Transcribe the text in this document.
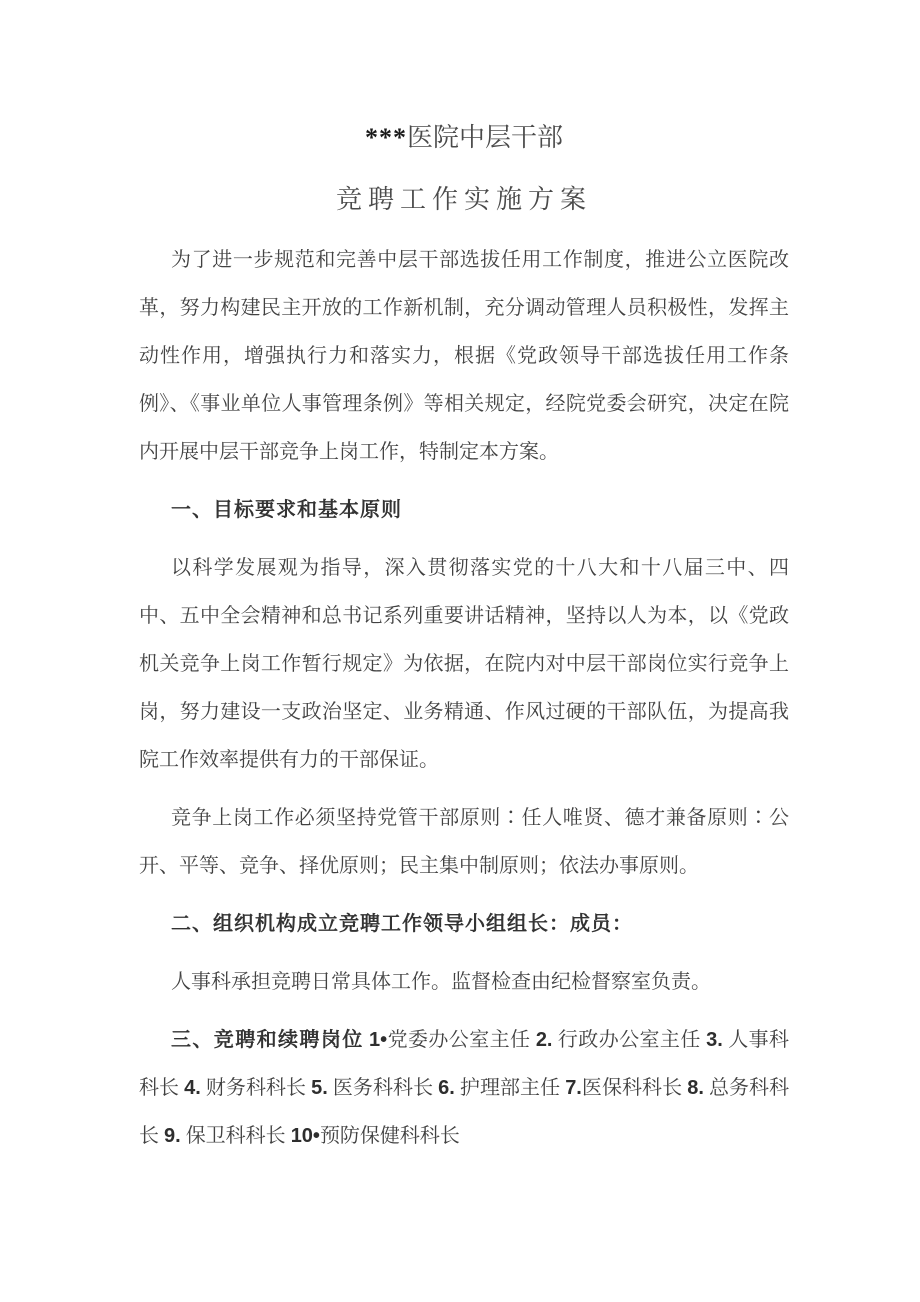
***医院中层干部
竞聘工作实施方案

为了进一步规范和完善中层干部选拔任用工作制度，推进公立医院改革，努力构建民主开放的工作新机制，充分调动管理人员积极性，发挥主动性作用，增强执行力和落实力，根据《党政领导干部选拔任用工作条例》、《事业单位人事管理条例》等相关规定，经院党委会研究，决定在院内开展中层干部竞争上岗工作，特制定本方案。

一、目标要求和基本原则

以科学发展观为指导，深入贯彻落实党的十八大和十八届三中、四中、五中全会精神和总书记系列重要讲话精神，坚持以人为本，以《党政机关竞争上岗工作暂行规定》为依据，在院内对中层干部岗位实行竞争上岗，努力建设一支政治坚定、业务精通、作风过硬的干部队伍，为提高我院工作效率提供有力的干部保证。

竞争上岗工作必须坚持党管干部原则∶任人唯贤、德才兼备原则∶公开、平等、竞争、择优原则；民主集中制原则；依法办事原则。

二、组织机构成立竞聘工作领导小组组长：成员：

人事科承担竞聘日常具体工作。监督检查由纪检督察室负责。

三、竞聘和续聘岗位 1•党委办公室主任 2. 行政办公室主任 3. 人事科科长 4. 财务科科长 5. 医务科科长 6. 护理部主任 7.医保科科长 8. 总务科科长 9. 保卫科科长 10•预防保健科科长
